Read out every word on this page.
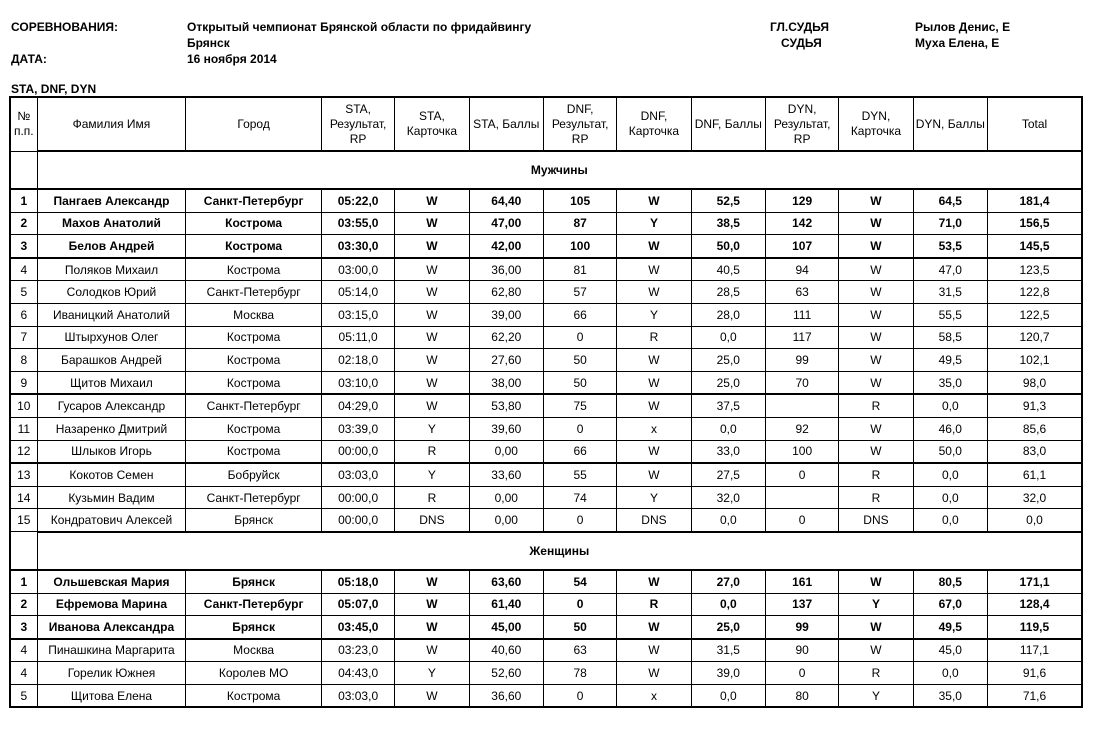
СОРЕВНОВАНИЯ:	Открытый чемпионат Брянской области по фридайвингу
Брянск
ДАТА:	16 ноября 2014
ГЛ.СУДЬЯ
СУДЬЯ
Рылов Денис, Е
Муха Елена, Е
STA, DNF, DYN
№ п.п.	Фамилия Имя	Город	STA, Результат, RP	STA, Карточка	STA, Баллы	DNF, Результат, RP	DNF, Карточка	DNF, Баллы	DYN, Результат, RP	DYN, Карточка	DYN, Баллы	Total
	Мужчины											
1	Пангаев Александр	Санкт-Петербург	05:22,0	W	64,40	105	W	52,5	129	W	64,5	181,4
2	Махов Анатолий	Кострома	03:55,0	W	47,00	87	Y	38,5	142	W	71,0	156,5
3	Белов Андрей	Кострома	03:30,0	W	42,00	100	W	50,0	107	W	53,5	145,5
4	Поляков Михаил	Кострома	03:00,0	W	36,00	81	W	40,5	94	W	47,0	123,5
5	Солодков Юрий	Санкт-Петербург	05:14,0	W	62,80	57	W	28,5	63	W	31,5	122,8
6	Иваницкий Анатолий	Москва	03:15,0	W	39,00	66	Y	28,0	111	W	55,5	122,5
7	Штырхунов Олег	Кострома	05:11,0	W	62,20	0	R	0,0	117	W	58,5	120,7
8	Барашков Андрей	Кострома	02:18,0	W	27,60	50	W	25,0	99	W	49,5	102,1
9	Щитов Михаил	Кострома	03:10,0	W	38,00	50	W	25,0	70	W	35,0	98,0
10	Гусаров Александр	Санкт-Петербург	04:29,0	W	53,80	75	W	37,5		R	0,0	91,3
11	Назаренко Дмитрий	Кострома	03:39,0	Y	39,60	0	x	0,0	92	W	46,0	85,6
12	Шлыков Игорь	Кострома	00:00,0	R	0,00	66	W	33,0	100	W	50,0	83,0
13	Кокотов Семен	Бобруйск	03:03,0	Y	33,60	55	W	27,5	0	R	0,0	61,1
14	Кузьмин Вадим	Санкт-Петербург	00:00,0	R	0,00	74	Y	32,0		R	0,0	32,0
15	Кондратович Алексей	Брянск	00:00,0	DNS	0,00	0	DNS	0,0	0	DNS	0,0	0,0
	Женщины											
1	Ольшевская Мария	Брянск	05:18,0	W	63,60	54	W	27,0	161	W	80,5	171,1
2	Ефремова Марина	Санкт-Петербург	05:07,0	W	61,40	0	R	0,0	137	Y	67,0	128,4
3	Иванова Александра	Брянск	03:45,0	W	45,00	50	W	25,0	99	W	49,5	119,5
4	Пинашкина Маргарита	Москва	03:23,0	W	40,60	63	W	31,5	90	W	45,0	117,1
4	Горелик Южнея	Королев МО	04:43,0	Y	52,60	78	W	39,0	0	R	0,0	91,6
5	Щитова Елена	Кострома	03:03,0	W	36,60	0	x	0,0	80	Y	35,0	71,6
